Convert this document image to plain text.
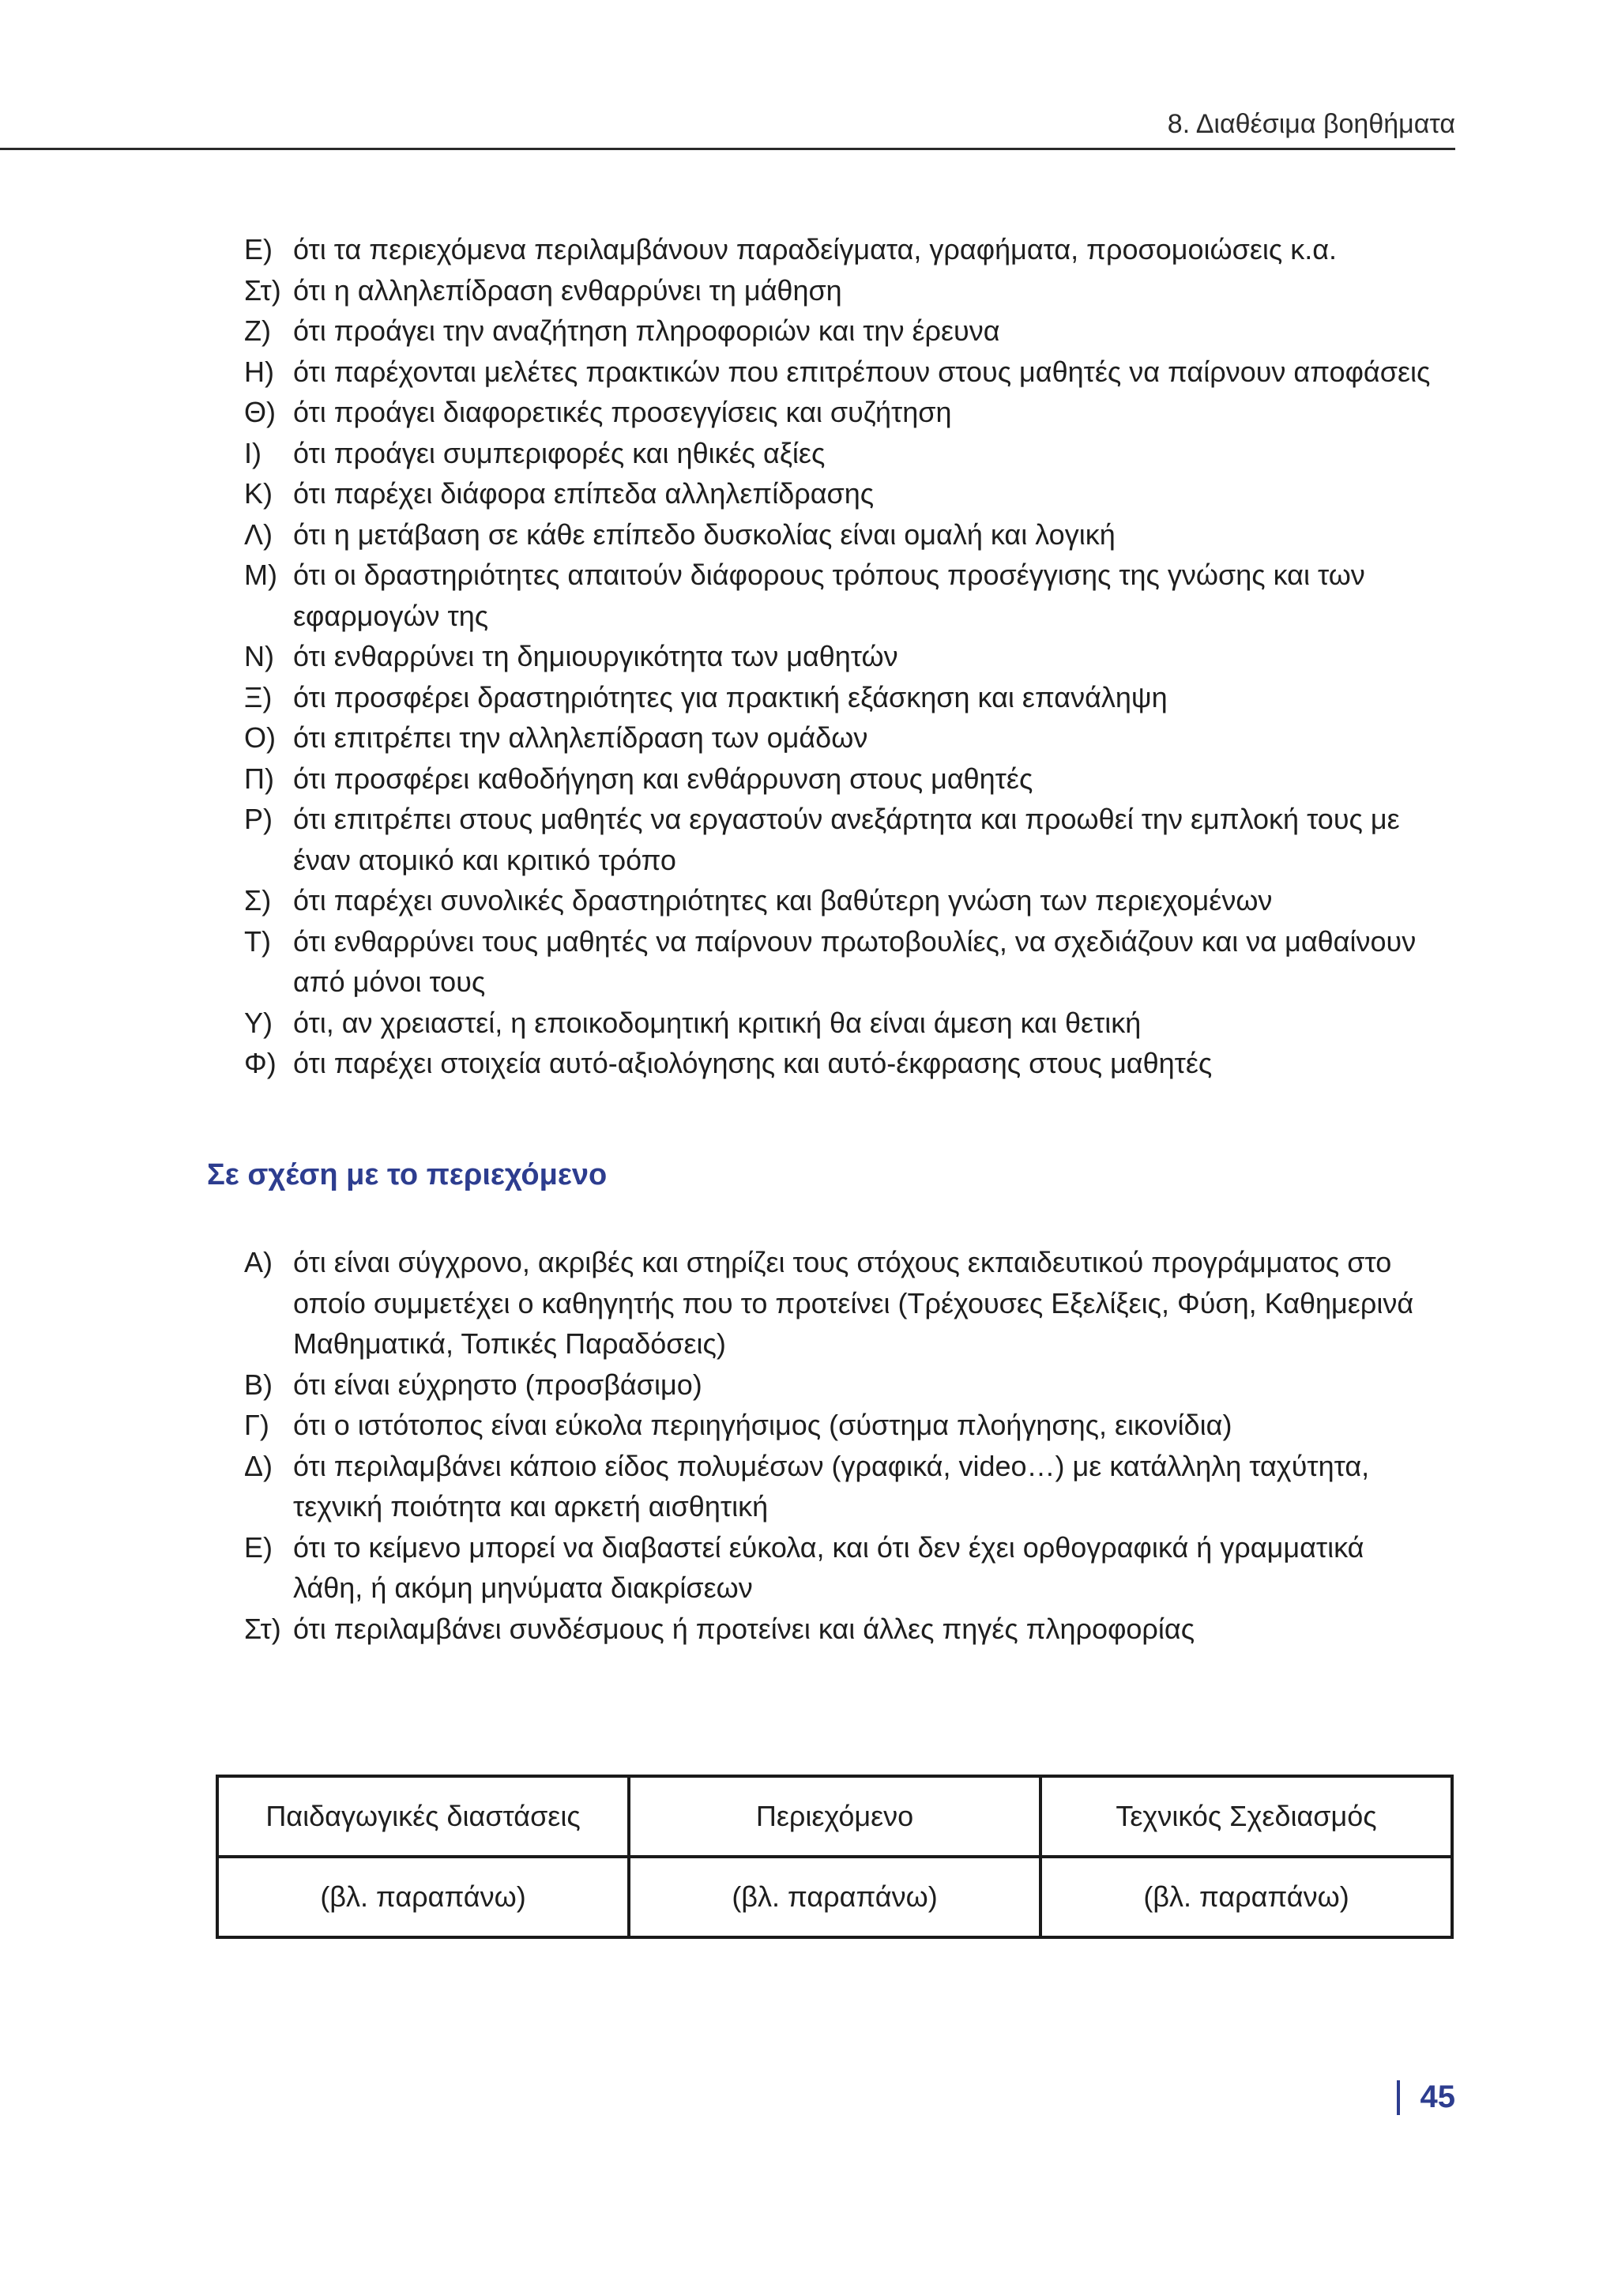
8. Διαθέσιμα βοηθήματα
Ε) ότι τα περιεχόμενα περιλαμβάνουν παραδείγματα, γραφήματα, προσομοιώσεις κ.α.
Στ) ότι η αλληλεπίδραση ενθαρρύνει τη μάθηση
Ζ) ότι προάγει την αναζήτηση πληροφοριών και την έρευνα
Η) ότι παρέχονται μελέτες πρακτικών που επιτρέπουν στους μαθητές να παίρνουν αποφάσεις
Θ) ότι προάγει διαφορετικές προσεγγίσεις και συζήτηση
Ι) ότι προάγει συμπεριφορές και ηθικές αξίες
Κ) ότι παρέχει διάφορα επίπεδα αλληλεπίδρασης
Λ) ότι η μετάβαση σε κάθε επίπεδο δυσκολίας είναι ομαλή και λογική
Μ) ότι οι δραστηριότητες απαιτούν διάφορους τρόπους προσέγγισης της γνώσης και των
εφαρμογών της
Ν) ότι ενθαρρύνει τη δημιουργικότητα των μαθητών
Ξ) ότι προσφέρει δραστηριότητες για πρακτική εξάσκηση και επανάληψη
Ο) ότι επιτρέπει την αλληλεπίδραση των ομάδων
Π) ότι προσφέρει καθοδήγηση και ενθάρρυνση στους μαθητές
Ρ) ότι επιτρέπει στους μαθητές να εργαστούν ανεξάρτητα και προωθεί την εμπλοκή τους με
έναν ατομικό και κριτικό τρόπο
Σ) ότι παρέχει συνολικές δραστηριότητες και βαθύτερη γνώση των περιεχομένων
Τ) ότι ενθαρρύνει τους μαθητές να παίρνουν πρωτοβουλίες, να σχεδιάζουν και να μαθαίνουν
από μόνοι τους
Υ) ότι, αν χρειαστεί, η εποικοδομητική κριτική θα είναι άμεση και θετική
Φ) ότι παρέχει στοιχεία αυτό-αξιολόγησης και αυτό-έκφρασης στους μαθητές
Σε σχέση με το περιεχόμενο
Α) ότι είναι σύγχρονο, ακριβές και στηρίζει τους στόχους εκπαιδευτικού προγράμματος στο
οποίο συμμετέχει ο καθηγητής που το προτείνει (Τρέχουσες Εξελίξεις, Φύση, Καθημερινά
Μαθηματικά, Τοπικές Παραδόσεις)
Β) ότι είναι εύχρηστο (προσβάσιμο)
Γ) ότι ο ιστότοπος είναι εύκολα περιηγήσιμος (σύστημα πλοήγησης, εικονίδια)
Δ) ότι περιλαμβάνει κάποιο είδος πολυμέσων (γραφικά, video…) με κατάλληλη ταχύτητα,
τεχνική ποιότητα και αρκετή αισθητική
Ε) ότι το κείμενο μπορεί να διαβαστεί εύκολα, και ότι δεν έχει ορθογραφικά ή γραμματικά
λάθη, ή ακόμη μηνύματα διακρίσεων
Στ) ότι περιλαμβάνει συνδέσμους ή προτείνει και άλλες πηγές πληροφορίας
Παιδαγωγικές διαστάσεις	Περιεχόμενο	Τεχνικός Σχεδιασμός
(βλ. παραπάνω)	(βλ. παραπάνω)	(βλ. παραπάνω)
45
